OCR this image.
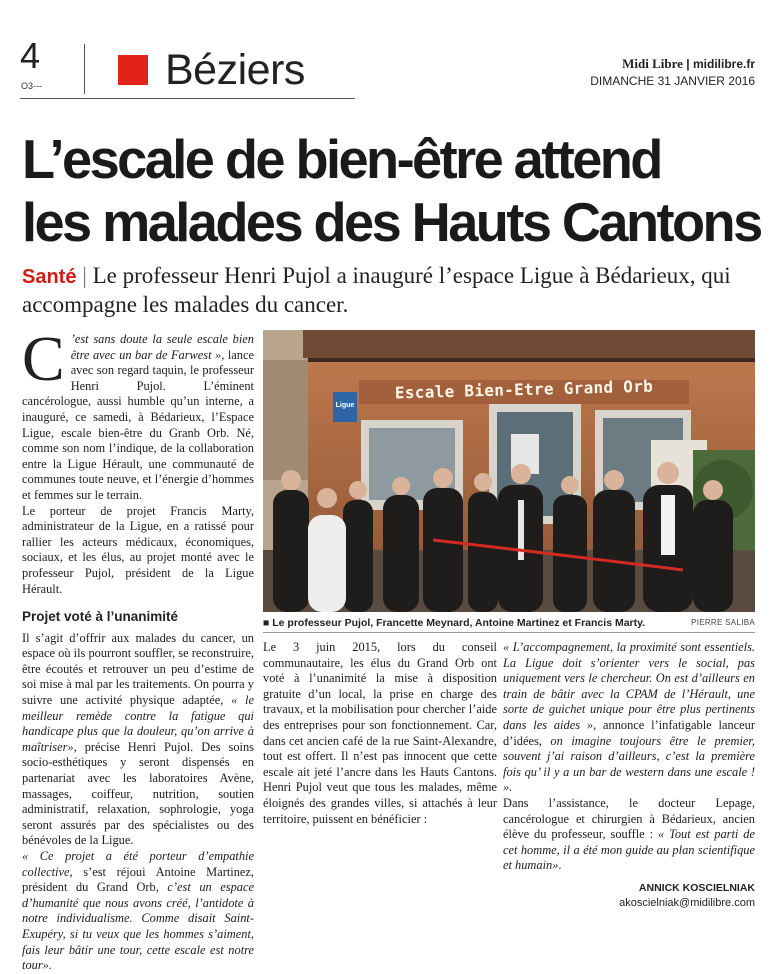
4
O3---	Béziers	Midi Libre | midilibre.fr
DIMANCHE 31 JANVIER 2016
L’escale de bien-être attend
les malades des Hauts Cantons
Santé | Le professeur Henri Pujol a inauguré l’espace Ligue à Bédarieux, qui accompagne les malades du cancer.

C ’est sans doute la seule escale bien être avec un bar de Farwest », lance avec son regard taquin, le professeur Henri Pujol. L’éminent cancérologue, aussi humble qu’un interne, a inauguré, ce samedi, à Bédarieux, l’Espace Ligue, escale bien-être du Granb Orb. Né, comme son nom l’indique, de la collaboration entre la Ligue Hérault, une communauté de communes toute neuve, et l’énergie d’hommes et femmes sur le terrain.

Le porteur de projet Francis Marty, administrateur de la Ligue, en a ratissé pour rallier les acteurs médicaux, économiques, sociaux, et les élus, au projet monté avec le professeur Pujol, président de la Ligue Hérault.

Projet voté à l’unanimité

Il s’agit d’offrir aux malades du cancer, un espace où ils pourront souffler, se reconstruire, être écoutés et retrouver un peu d’estime de soi mise à mal par les traitements. On pourra y suivre une activité physique adaptée, « le meilleur remède contre la fatigue qui handicape plus que la douleur, qu’on arrive à maîtriser», précise Henri Pujol. Des soins socio-esthétiques y seront dispensés en partenariat avec les laboratoires Avène, massages, coiffeur, nutrition, soutien administratif, relaxation, sophrologie, yoga seront assurés par des spécialistes ou des bénévoles de la Ligue.

« Ce projet a été porteur d’empathie collective, s’est réjoui Antoine Martinez, président du Grand Orb, c’est un espace d’humanité que nous avons créé, l’antidote à notre individualisme. Comme disait Saint-Exupéry, si tu veux que les hommes s’aiment, fais leur bâtir une tour, cette escale est notre tour».

Escale Bien-Etre Grand Orb
Ligue
■ Le professeur Pujol, Francette Meynard, Antoine Martinez et Francis Marty.	PIERRE SALIBA

Le 3 juin 2015, lors du conseil communautaire, les élus du Grand Orb ont voté à l’unanimité la mise à disposition gratuite d’un local, la prise en charge des travaux, et la mobilisation pour chercher l’aide des entreprises pour son fonctionnement. Car, dans cet ancien café de la rue Saint-Alexandre, tout est offert. Il n’est pas innocent que cette escale ait jeté l’ancre dans les Hauts Cantons. Henri Pujol veut que tous les malades, même éloignés des grandes villes, si attachés à leur territoire, puissent en bénéficier :

« L’accompagnement, la proximité sont essentiels. La Ligue doit s’orienter vers le social, pas uniquement vers le chercheur. On est d’ailleurs en train de bâtir avec la CPAM de l’Hérault, une sorte de guichet unique pour être plus pertinents dans les aides », annonce l’infatigable lanceur d’idées, on imagine toujours être le premier, souvent j’ai raison d’ailleurs, c’est la première fois qu’ il y a un bar de western dans une escale ! ».

Dans l’assistance, le docteur Lepage, cancérologue et chirurgien à Bédarieux, ancien élève du professeur, souffle : « Tout est parti de cet homme, il a été mon guide au plan scientifique et humain».

ANNICK KOSCIELNIAK
akoscielniak@midilibre.com
